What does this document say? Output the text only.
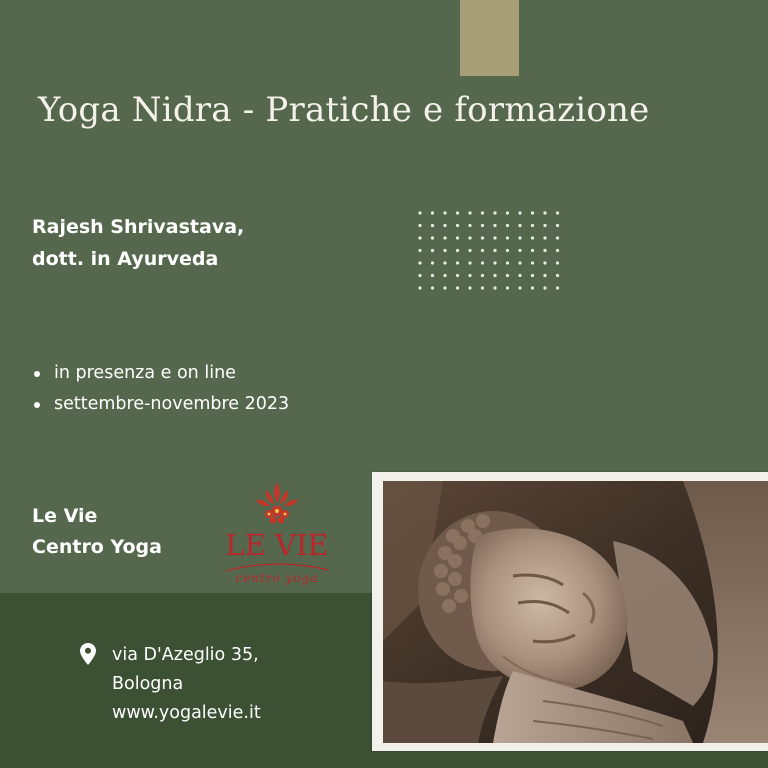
Yoga Nidra - Pratiche e formazione
Rajesh Shrivastava,
dott. in Ayurveda
in presenza e on line
settembre-novembre 2023
Le Vie
Centro Yoga LE VIE
centro yoga
via D'Azeglio 35,
Bologna
www.yogalevie.it
